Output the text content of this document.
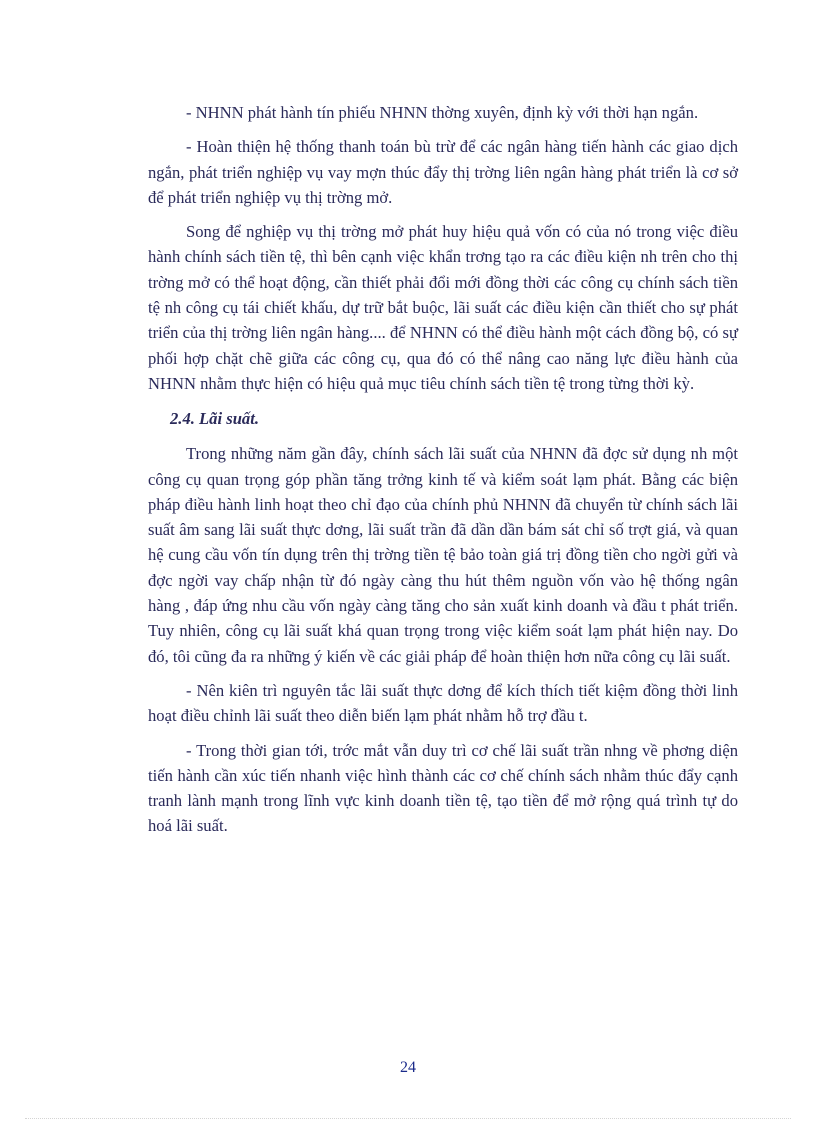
- NHNN phát hành tín phiếu NHNN thờng xuyên, định kỳ với thời hạn ngắn.

- Hoàn thiện hệ thống thanh toán bù trừ để các ngân hàng tiến hành các giao dịch ngắn, phát triển nghiệp vụ vay mợn thúc đẩy thị trờng liên ngân hàng phát triển là cơ sở để phát triển nghiệp vụ thị trờng mở.

Song để nghiệp vụ thị trờng mở phát huy hiệu quả vốn có của nó trong việc điều hành chính sách tiền tệ, thì bên cạnh việc khẩn trơng tạo ra các điều kiện nh trên cho thị trờng mở có thể hoạt động, cần thiết phải đổi mới đồng thời các công cụ chính sách tiền tệ nh công cụ tái chiết khấu, dự trữ bắt buộc, lãi suất các điều kiện cần thiết cho sự phát triển của thị trờng liên ngân hàng.... để NHNN có thể điều hành một cách đồng bộ, có sự phối hợp chặt chẽ giữa các công cụ, qua đó có thể nâng cao năng lực điều hành của NHNN nhằm thực hiện có hiệu quả mục tiêu chính sách tiền tệ trong từng thời kỳ.

2.4. Lãi suất.

Trong những năm gần đây, chính sách lãi suất của NHNN đã đợc sử dụng nh một công cụ quan trọng góp phần tăng trởng kinh tế và kiểm soát lạm phát. Bằng các biện pháp điều hành linh hoạt theo chỉ đạo của chính phủ NHNN đã chuyển từ chính sách lãi suất âm sang lãi suất thực dơng, lãi suất trần đã dần dần bám sát chỉ số trợt giá, và quan hệ cung cầu vốn tín dụng trên thị trờng tiền tệ bảo toàn giá trị đồng tiền cho ngời gửi và đợc ngời vay chấp nhận từ đó ngày càng thu hút thêm nguồn vốn vào hệ thống ngân hàng , đáp ứng nhu cầu vốn ngày càng tăng cho sản xuất kinh doanh và đầu t phát triển. Tuy nhiên, công cụ lãi suất khá quan trọng trong việc kiểm soát lạm phát hiện nay. Do đó, tôi cũng đa ra những ý kiến về các giải pháp để hoàn thiện hơn nữa công cụ lãi suất.

- Nên kiên trì nguyên tắc lãi suất thực dơng để kích thích tiết kiệm đồng thời linh hoạt điều chỉnh lãi suất theo diễn biến lạm phát nhằm hỗ trợ đầu t.

- Trong thời gian tới, trớc mắt vẫn duy trì cơ chế lãi suất trần nhng về phơng diện tiến hành cần xúc tiến nhanh việc hình thành các cơ chế chính sách nhằm thúc đẩy cạnh tranh lành mạnh trong lĩnh vực kinh doanh tiền tệ, tạo tiền để mở rộng quá trình tự do hoá lãi suất.

24
